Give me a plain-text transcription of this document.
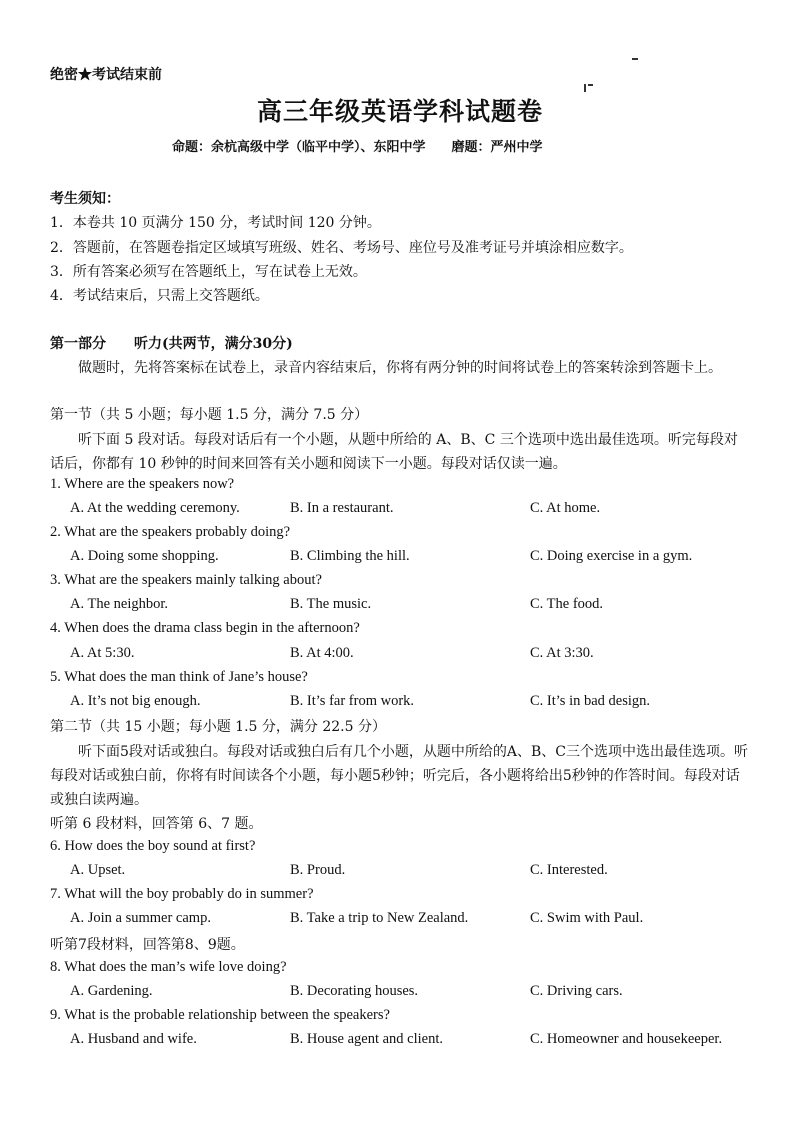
绝密★考试结束前
高三年级英语学科试题卷
命题：余杭高级中学（临平中学）、东阳中学　　磨题：严州中学
考生须知：
1．本卷共 10 页满分 150 分，考试时间 120 分钟。
2．答题前，在答题卷指定区域填写班级、姓名、考场号、座位号及准考证号并填涂相应数字。
3．所有答案必须写在答题纸上，写在试卷上无效。
4．考试结束后，只需上交答题纸。
第一部分　　听力(共两节，满分30分)
做题时，先将答案标在试卷上，录音内容结束后，你将有两分钟的时间将试卷上的答案转涂到答题卡上。
第一节（共 5 小题；每小题 1.5 分，满分 7.5 分）
听下面 5 段对话。每段对话后有一个小题，从题中所给的 A、B、C 三个选项中选出最佳选项。听完每段对话后，你都有 10 秒钟的时间来回答有关小题和阅读下一小题。每段对话仅读一遍。
1. Where are the speakers now?
A. At the wedding ceremony.	B. In a restaurant.	C. At home.
2. What are the speakers probably doing?
A. Doing some shopping.	B. Climbing the hill.	C. Doing exercise in a gym.
3. What are the speakers mainly talking about?
A. The neighbor.	B. The music.	C. The food.
4. When does the drama class begin in the afternoon?
A. At 5:30.	B. At 4:00.	C. At 3:30.
5. What does the man think of Jane’s house?
A. It’s not big enough.	B. It’s far from work.	C. It’s in bad design.
第二节（共 15 小题；每小题 1.5 分，满分 22.5 分）
听下面5段对话或独白。每段对话或独白后有几个小题，从题中所给的A、B、C三个选项中选出最佳选项。听每段对话或独白前，你将有时间读各个小题，每小题5秒钟；听完后，各小题将给出5秒钟的作答时间。每段对话或独白读两遍。
听第 6 段材料，回答第 6、7 题。
6. How does the boy sound at first?
A. Upset.	B. Proud.	C. Interested.
7. What will the boy probably do in summer?
A. Join a summer camp.	B. Take a trip to New Zealand.	C. Swim with Paul.
听第7段材料，回答第8、9题。
8. What does the man’s wife love doing?
A. Gardening.	B. Decorating houses.	C. Driving cars.
9. What is the probable relationship between the speakers?
A. Husband and wife.	B. House agent and client.	C. Homeowner and housekeeper.
